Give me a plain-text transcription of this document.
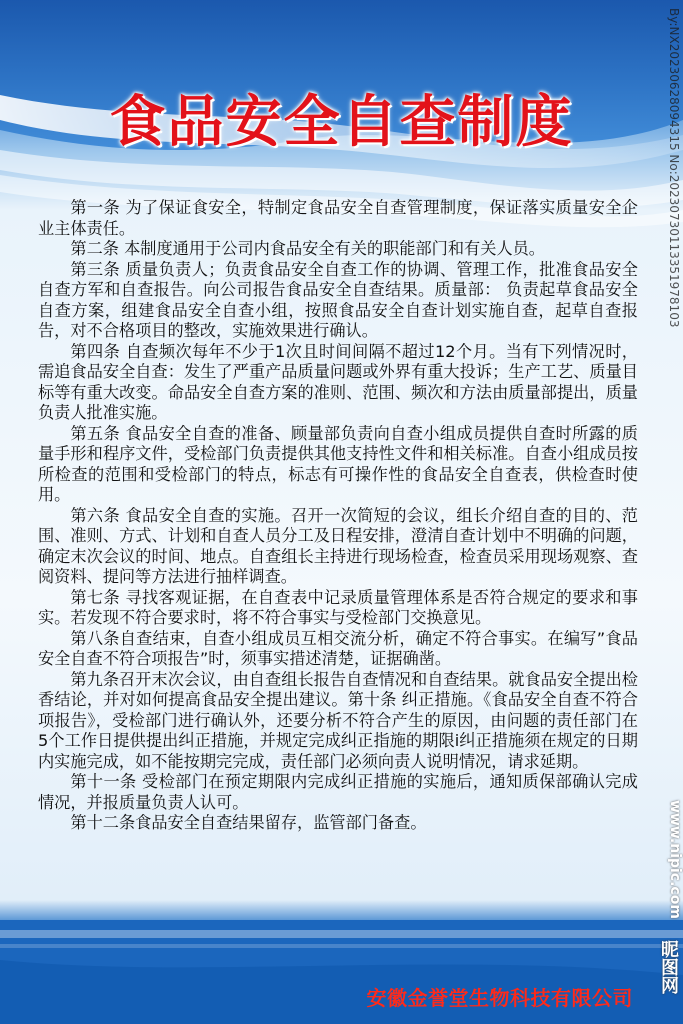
食品安全自查制度

第一条 为了保证食安全，特制定食品安全自查管理制度，保证落实质量安全企业主体责任。

第二条 本制度通用于公司内食品安全有关的职能部门和有关人员。

第三条 质量负责人；负责食品安全自查工作的协调、管理工作，批准食品安全自查方军和自查报告。向公司报告食品安全自查结果。质量部： 负责起草食品安全自查方案，组建食品安全自查小组，按照食品安全自查计划实施自查，起草自查报告，对不合格项目的整改，实施效果进行确认。

第四条 自查频次每年不少于1次且时间间隔不超过12个月。当有下列情况时，需追食品安全自查：发生了严重产品质量问题或外界有重大投诉；生产工艺、质量目标等有重大改变。命品安全自查方案的准则、范围、频次和方法由质量部提出，质量负责人批准实施。

第五条 食品安全自查的准备、顾量部负责向自查小组成员提供自查时所露的质量手形和程序文件，受检部门负责提供其他支持性文件和相关标准。自查小组成员按所检查的范围和受检部门的特点，标志有可操作性的食品安全自查表，供检查时使用。

第六条 食品安全自查的实施。召开一次简短的会议，组长介绍自查的目的、范围、准则、方式、计划和自查人员分工及日程安排，澄清自查计划中不明确的问题，确定末次会议的时间、地点。自查组长主持进行现场检查，检查员采用现场观察、查阅资料、提问等方法进行抽样调查。

第七条 寻找客观证据，在自查表中记录质量管理体系是否符合规定的要求和事实。若发现不符合要求时，将不符合事实与受检部门交换意见。

第八条自查结束，自查小组成员互相交流分析，确定不符合事实。在编写”食品安全自查不符合项报告”时，须事实措述清楚，证据确凿。

第九条召开末次会议，由自查组长报告自查情况和自查结果。就食品安全提出检香结论，并对如何提高食品安全提出建议。第十条 纠正措施。《食品安全自查不符合项报告》，受检部门进行确认外，还要分析不符合产生的原因，由问题的责任部门在5个工作日提供提出纠正措施，并规定完成纠正指施的期限ⅰ纠正措施须在规定的日期内实施完成，如不能按期完完成，责任部门必须向责人说明情况，请求延期。

第十一条 受检部门在预定期限内完成纠正措施的实施后，通知质保部确认完成情况，并报质量负责人认可。

第十二条食品安全自查结果留存，监管部门备查。

安徽金誉堂生物科技有限公司
By:NX20230628094315 No:20230730113351978103
www.nipic.com
昵图网
